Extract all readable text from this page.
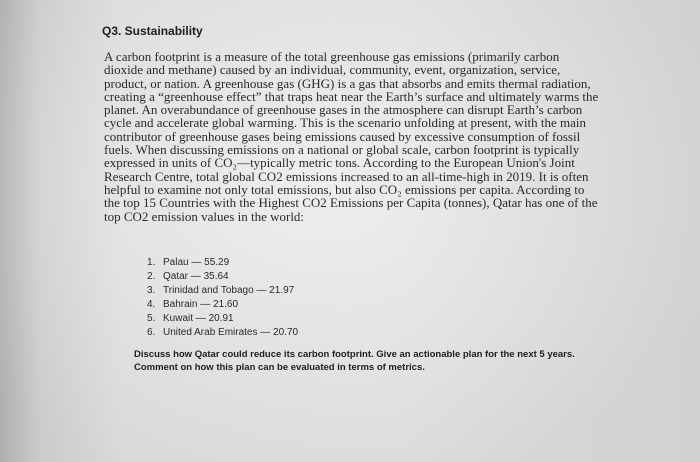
Q3. Sustainability
A carbon footprint is a measure of the total greenhouse gas emissions (primarily carbon
dioxide and methane) caused by an individual, community, event, organization, service,
product, or nation. A greenhouse gas (GHG) is a gas that absorbs and emits thermal radiation,
creating a “greenhouse effect” that traps heat near the Earth’s surface and ultimately warms the
planet. An overabundance of greenhouse gases in the atmosphere can disrupt Earth’s carbon
cycle and accelerate global warming. This is the scenario unfolding at present, with the main
contributor of greenhouse gases being emissions caused by excessive consumption of fossil
fuels. When discussing emissions on a national or global scale, carbon footprint is typically
expressed in units of CO₂—typically metric tons. According to the European Union's Joint
Research Centre, total global CO2 emissions increased to an all-time-high in 2019. It is often
helpful to examine not only total emissions, but also CO₂ emissions per capita. According to
the top 15 Countries with the Highest CO2 Emissions per Capita (tonnes), Qatar has one of the
top CO2 emission values in the world:
1. Palau — 55.29
2. Qatar — 35.64
3. Trinidad and Tobago — 21.97
4. Bahrain — 21.60
5. Kuwait — 20.91
6. United Arab Emirates — 20.70
Discuss how Qatar could reduce its carbon footprint. Give an actionable plan for the next 5 years.
Comment on how this plan can be evaluated in terms of metrics.
